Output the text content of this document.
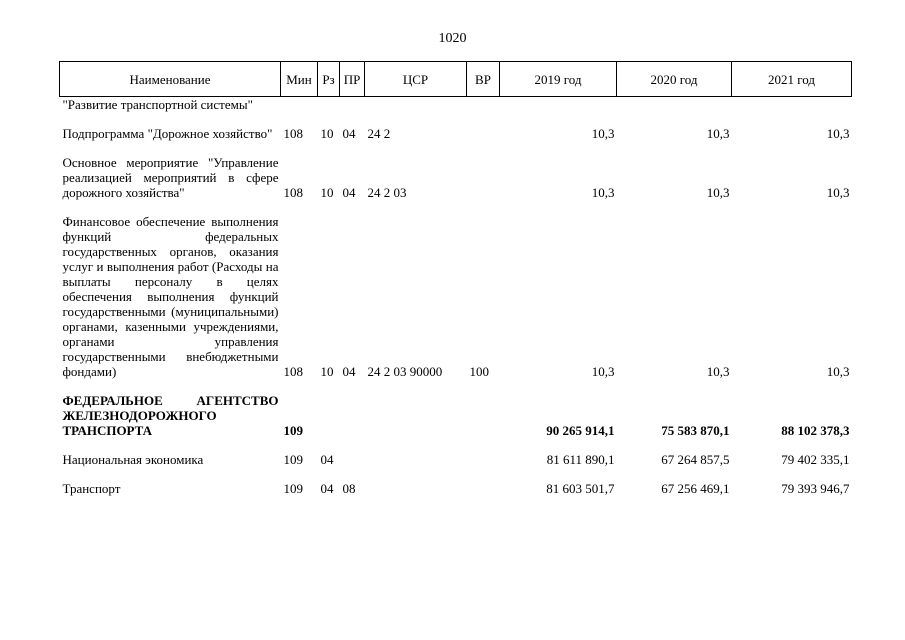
1020
Наименование	Мин	Рз	ПР	ЦСР	ВР	2019 год	2020 год	2021 год
"Развитие транспортной системы"								
Подпрограмма "Дорожное хозяйство"	108	10	04	24 2		10,3	10,3	10,3
Основное мероприятие "Управление реализацией мероприятий в сфере дорожного хозяйства"	108	10	04	24 2 03		10,3	10,3	10,3
Финансовое обеспечение выполнения функций федеральных государственных органов, оказания услуг и выполнения работ (Расходы на выплаты персоналу в целях обеспечения выполнения функций государственными (муниципальными) органами, казенными учреждениями, органами управления государственными внебюджетными фондами)	108	10	04	24 2 03 90000	100	10,3	10,3	10,3
ФЕДЕРАЛЬНОЕ АГЕНТСТВО ЖЕЛЕЗНОДОРОЖНОГО ТРАНСПОРТА	109					90 265 914,1	75 583 870,1	88 102 378,3
Национальная экономика	109	04				81 611 890,1	67 264 857,5	79 402 335,1
Транспорт	109	04	08			81 603 501,7	67 256 469,1	79 393 946,7
